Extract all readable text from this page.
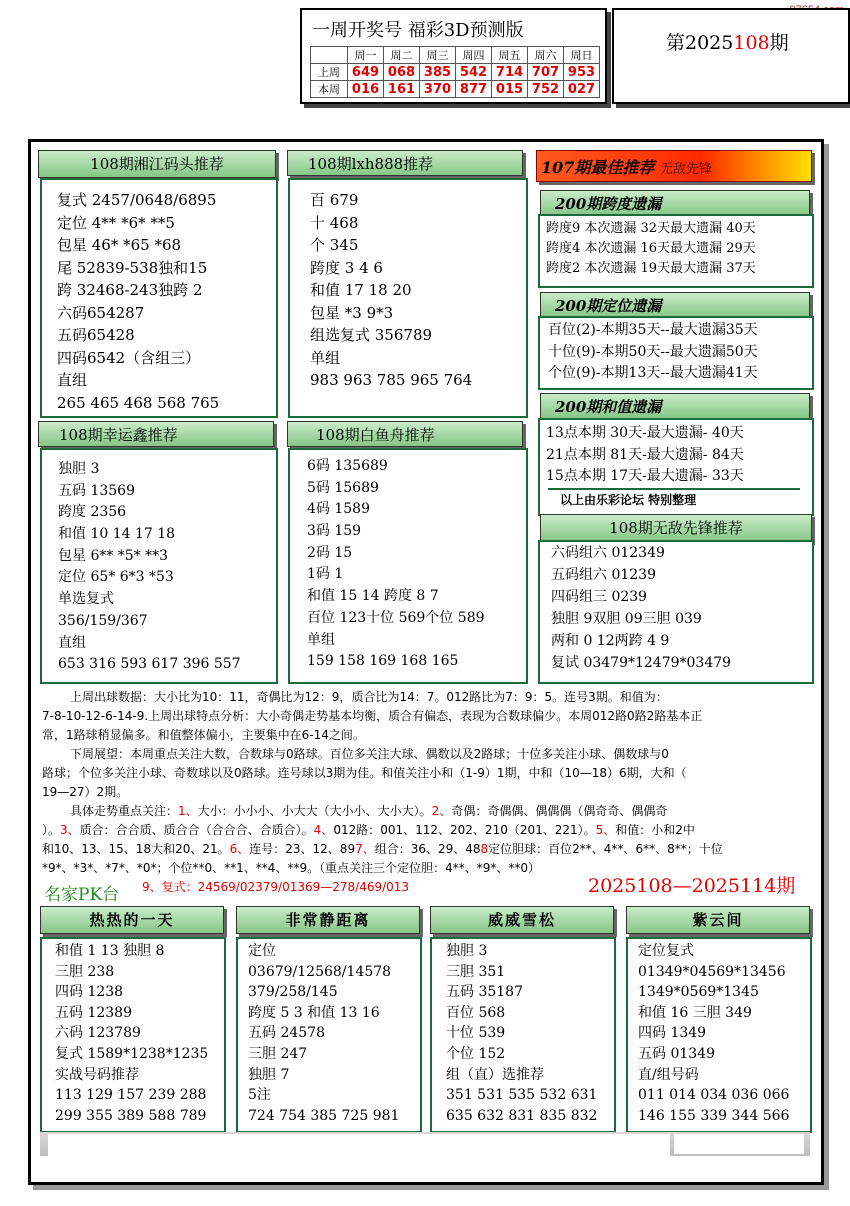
一周开奖号 福彩3D预测版
	周一	周二	周三	周四	周五	周六	周日
上周	649	068	385	542	714	707	953
本周	016	161	370	877	015	752	027
第2025108期
108期湘江码头推荐
复式 2457/0648/6895
定位 4** *6* **5
包星 46* *65 *68
尾 52839-538独和15
跨 32468-243独跨 2
六码654287
五码65428
四码6542（含组三）
直组
265 465 468 568 765
108期lxh888推荐
百 679
十 468
个 345
跨度 3 4 6
和值 17 18 20
包星 *3 9*3
组选复式 356789
单组
983 963 785 965 764
108期幸运鑫推荐
独胆 3
五码 13569
跨度 2356
和值 10 14 17 18
包星 6** *5* **3
定位 65* 6*3 *53
单选复式
356/159/367
直组
653 316 593 617 396 557
108期白鱼舟推荐
6码 135689
5码 15689
4码 1589
3码 159
2码 15
1码 1
和值 15 14 跨度 8 7
百位 123十位 569个位 589
单组
159 158 169 168 165
107期最佳推荐 无敌先锋
200期跨度遗漏
跨度9 本次遗漏 32天最大遗漏 40天
跨度4 本次遗漏 16天最大遗漏 29天
跨度2 本次遗漏 19天最大遗漏 37天
200期定位遗漏
百位(2)-本期35天--最大遗漏35天
十位(9)-本期50天--最大遗漏50天
个位(9)-本期13天--最大遗漏41天
200期和值遗漏
13点本期 30天-最大遗漏- 40天
21点本期 81天-最大遗漏- 84天
15点本期 17天-最大遗漏- 33天
以上由乐彩论坛 特别整理
108期无敌先锋推荐
六码组六 012349
五码组六 01239
四码组三 0239
独胆 9双胆 09三胆 039
两和 0 12两跨 4 9
复试 03479*12479*03479
上周出球数据：大小比为10：11，奇偶比为12：9，质合比为14：7。012路比为7：9：5。连号3期。和值为：
7-8-10-12-6-14-9.上周出球特点分析：大小奇偶走势基本均衡，质合有偏态，表现为合数球偏少。本周012路0路2路基本正
常，1路球稍显偏多。和值整体偏小，主要集中在6-14之间。
下周展望：本周重点关注大数，合数球与0路球。百位多关注大球、偶数以及2路球；十位多关注小球、偶数球与0
路球；个位多关注小球、奇数球以及0路球。连号球以3期为佳。和值关注小和（1-9）1期，中和（10—18）6期，大和（
19—27）2期。
具体走势重点关注：1、大小：小小小、小大大（大小小、大小大）。2、奇偶：奇偶偶、偶偶偶（偶奇奇、偶偶奇
）。3、质合：合合质、质合合（合合合、合质合）。4、012路：001、112、202、210（201、221）。5、和值：小和2中
和10、13、15、18大和20、21。6、连号：23、12、897、组合：36、29、488定位胆球：百位2**、4**、6**、8**；十位
*9*、*3*、*7*、*0*；个位**0、**1、**4、**9。（重点关注三个定位胆：4**、*9*、**0）
9、复式：24569/02379/01369—278/469/013
名家PK台	2025108—2025114期
热热的一天
和值 1 13 独胆 8
三胆 238
四码 1238
五码 12389
六码 123789
复式 1589*1238*1235
实战号码推荐
113 129 157 239 288
299 355 389 588 789
非常静距离
定位
03679/12568/14578
379/258/145
跨度 5 3 和值 13 16
五码 24578
三胆 247
独胆 7
5注
724 754 385 725 981
威威雪松
独胆 3
三胆 351
五码 35187
百位 568
十位 539
个位 152
组（直）选推荐
351 531 535 532 631
635 632 831 835 832
紫云间
定位复式
01349*04569*13456
1349*0569*1345
和值 16 三胆 349
四码 1349
五码 01349
直/组号码
011 014 034 036 066
146 155 339 344 566
